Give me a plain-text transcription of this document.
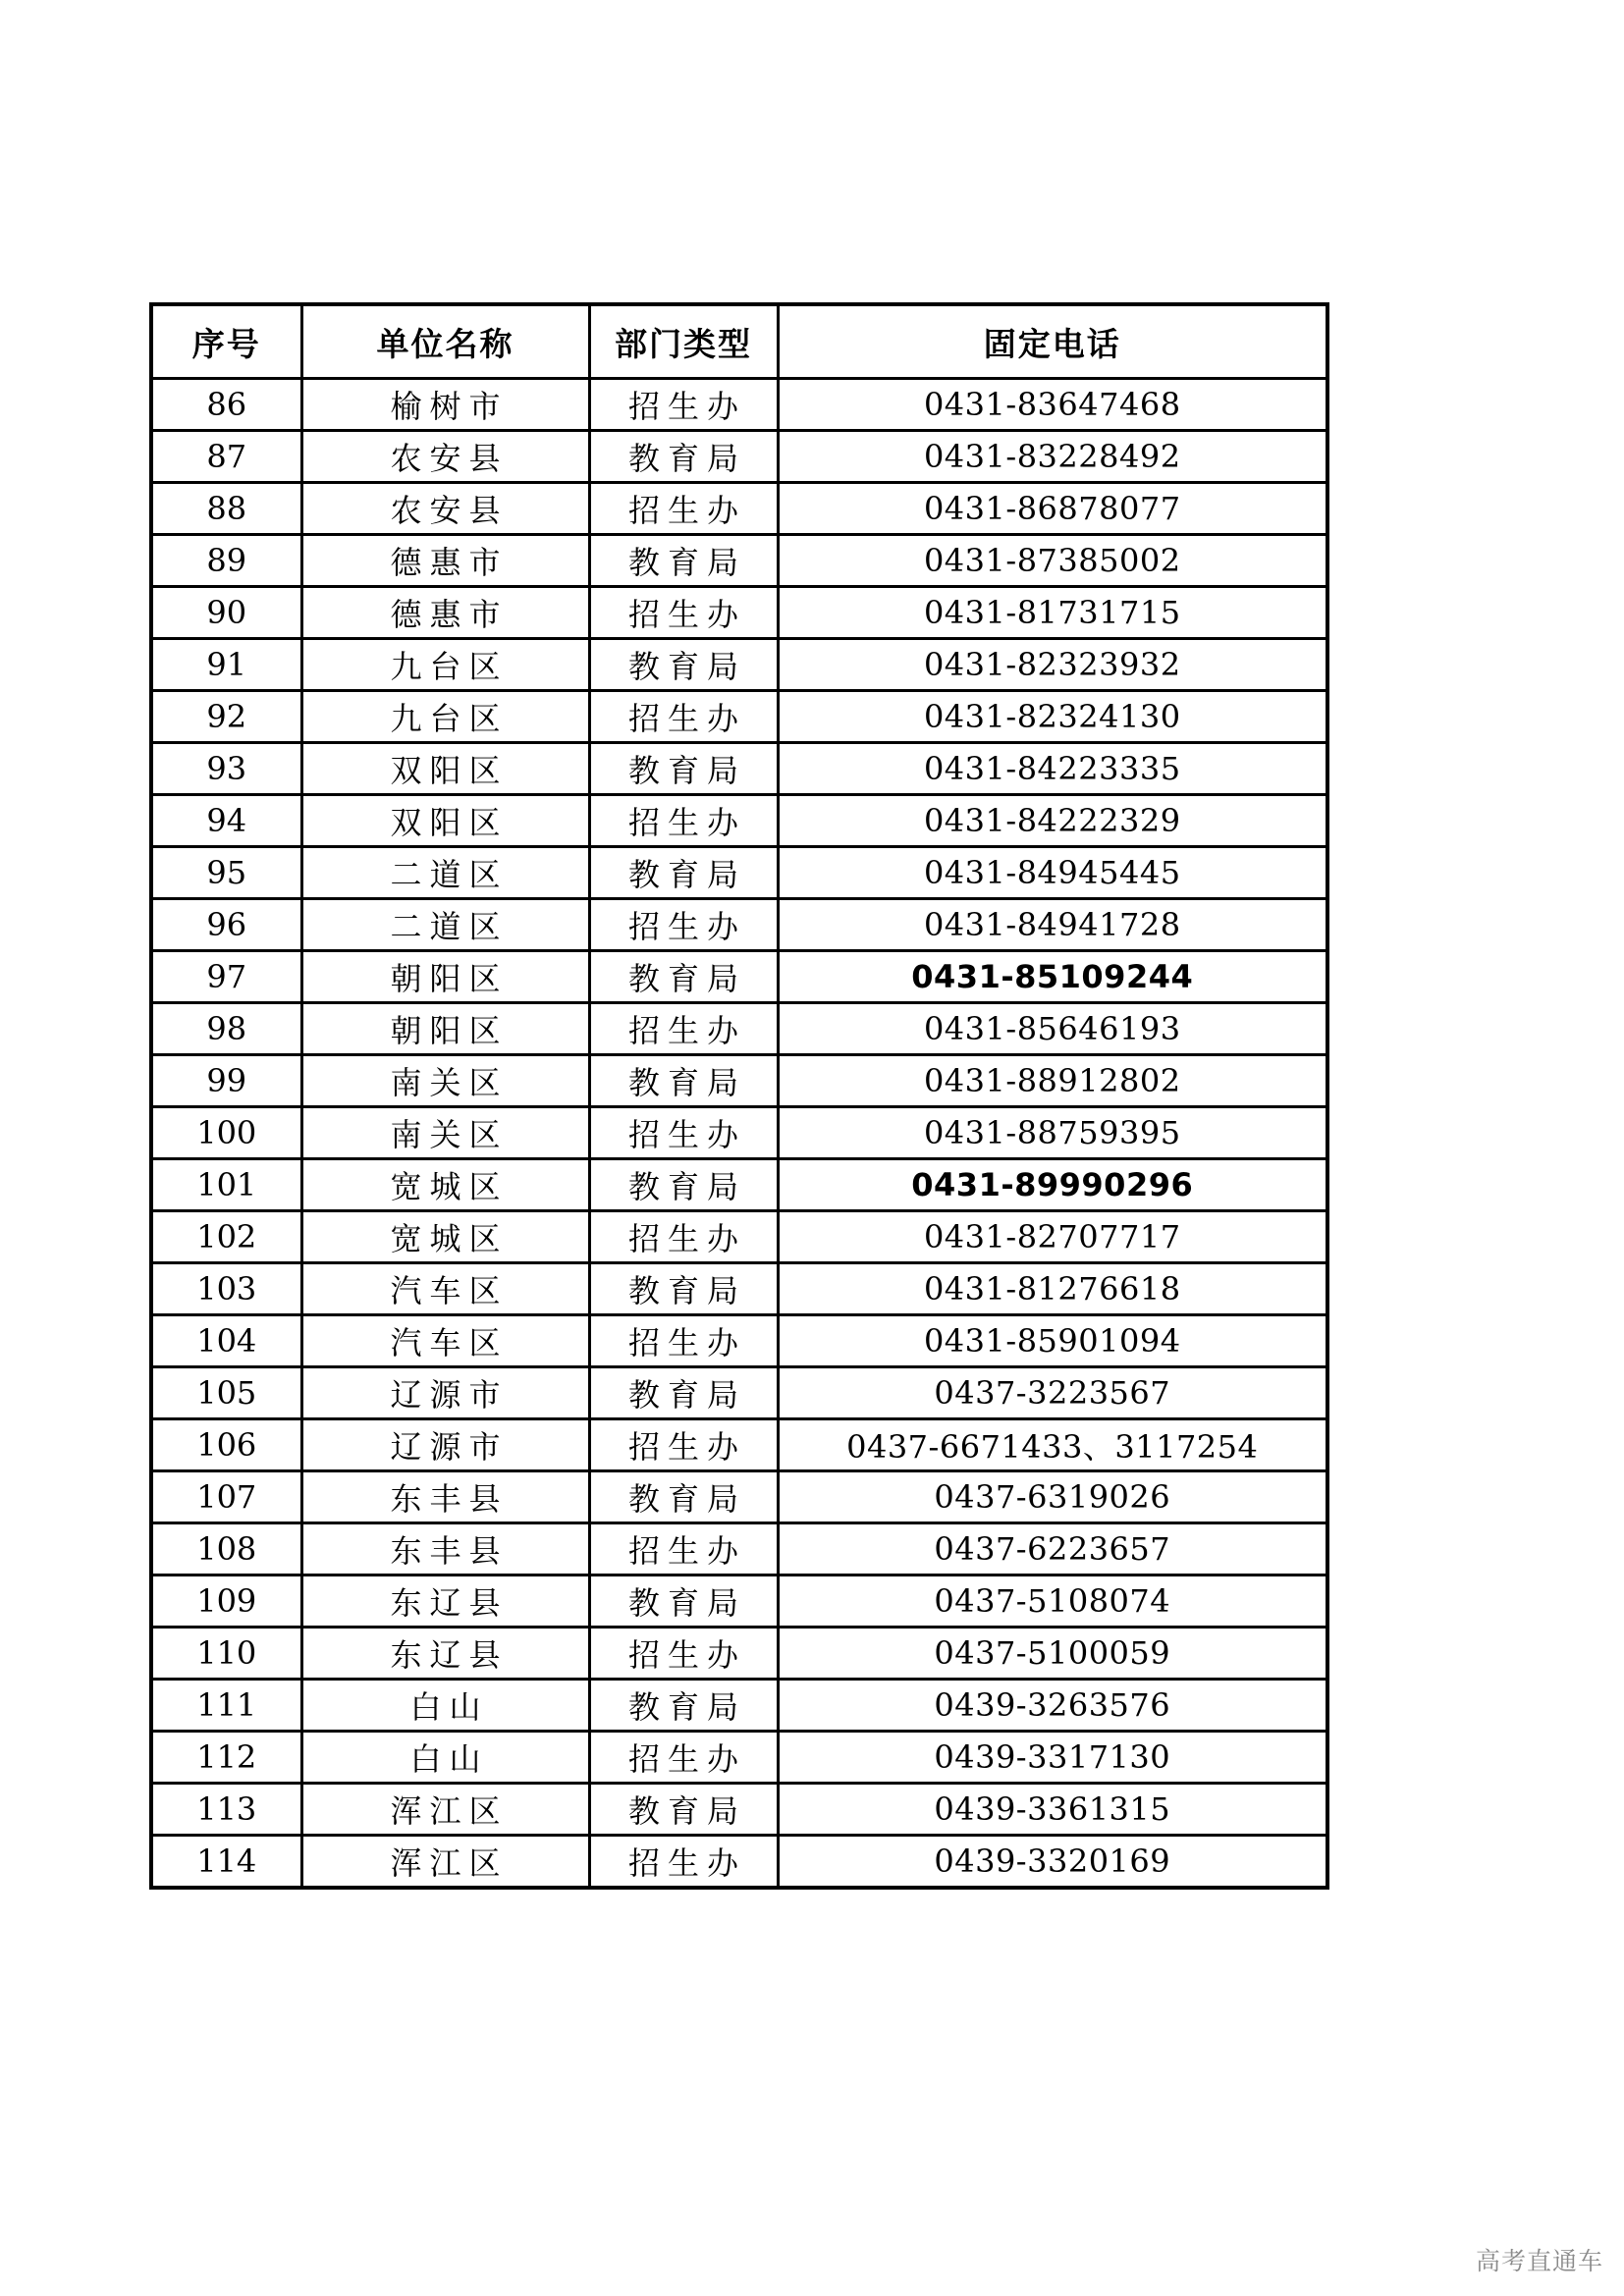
序号	单位名称	部门类型	固定电话
86	榆树市	招生办	0431-83647468
87	农安县	教育局	0431-83228492
88	农安县	招生办	0431-86878077
89	德惠市	教育局	0431-87385002
90	德惠市	招生办	0431-81731715
91	九台区	教育局	0431-82323932
92	九台区	招生办	0431-82324130
93	双阳区	教育局	0431-84223335
94	双阳区	招生办	0431-84222329
95	二道区	教育局	0431-84945445
96	二道区	招生办	0431-84941728
97	朝阳区	教育局	0431-85109244
98	朝阳区	招生办	0431-85646193
99	南关区	教育局	0431-88912802
100	南关区	招生办	0431-88759395
101	宽城区	教育局	0431-89990296
102	宽城区	招生办	0431-82707717
103	汽车区	教育局	0431-81276618
104	汽车区	招生办	0431-85901094
105	辽源市	教育局	0437-3223567
106	辽源市	招生办	0437-6671433、3117254
107	东丰县	教育局	0437-6319026
108	东丰县	招生办	0437-6223657
109	东辽县	教育局	0437-5108074
110	东辽县	招生办	0437-5100059
111	白山	教育局	0439-3263576
112	白山	招生办	0439-3317130
113	浑江区	教育局	0439-3361315
114	浑江区	招生办	0439-3320169
高考直通车
